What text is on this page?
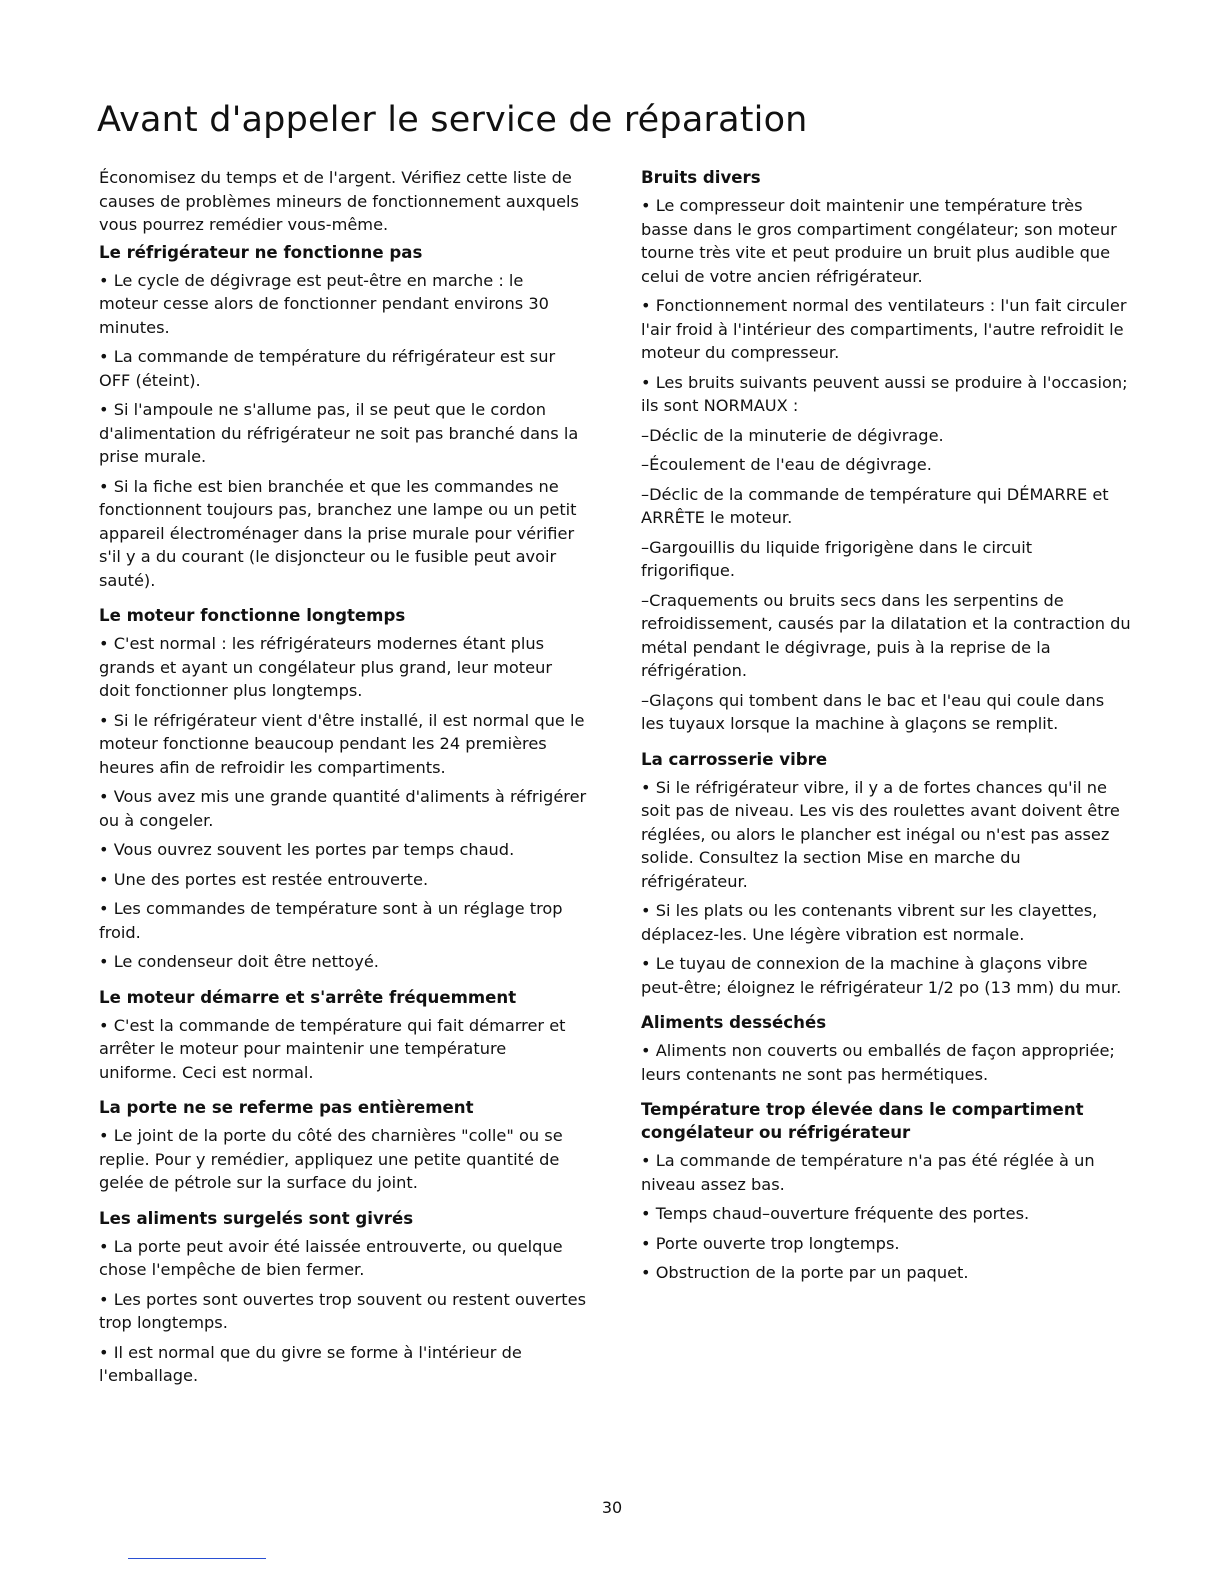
Avant d'appeler le service de réparation

Économisez du temps et de l'argent. Vérifiez cette liste de causes de problèmes mineurs de fonctionnement auxquels vous pourrez remédier vous-même.

Le réfrigérateur ne fonctionne pas

• Le cycle de dégivrage est peut-être en marche : le moteur cesse alors de fonctionner pendant environs 30 minutes.

• La commande de température du réfrigérateur est sur OFF (éteint).

• Si l'ampoule ne s'allume pas, il se peut que le cordon d'alimentation du réfrigérateur ne soit pas branché dans la prise murale.

• Si la fiche est bien branchée et que les commandes ne fonctionnent toujours pas, branchez une lampe ou un petit appareil électroménager dans la prise murale pour vérifier s'il y a du courant (le disjoncteur ou le fusible peut avoir sauté).

Le moteur fonctionne longtemps

• C'est normal : les réfrigérateurs modernes étant plus grands et ayant un congélateur plus grand, leur moteur doit fonctionner plus longtemps.

• Si le réfrigérateur vient d'être installé, il est normal que le moteur fonctionne beaucoup pendant les 24 premières heures afin de refroidir les compartiments.

• Vous avez mis une grande quantité d'aliments à réfrigérer ou à congeler.

• Vous ouvrez souvent les portes par temps chaud.

• Une des portes est restée entrouverte.

• Les commandes de température sont à un réglage trop froid.

• Le condenseur doit être nettoyé.

Le moteur démarre et s'arrête fréquemment

• C'est la commande de température qui fait démarrer et arrêter le moteur pour maintenir une température uniforme. Ceci est normal.

La porte ne se referme pas entièrement

• Le joint de la porte du côté des charnières "colle" ou se replie. Pour y remédier, appliquez une petite quantité de gelée de pétrole sur la surface du joint.

Les aliments surgelés sont givrés

• La porte peut avoir été laissée entrouverte, ou quelque chose l'empêche de bien fermer.

• Les portes sont ouvertes trop souvent ou restent ouvertes trop longtemps.

• Il est normal que du givre se forme à l'intérieur de l'emballage.

Bruits divers

• Le compresseur doit maintenir une température très basse dans le gros compartiment congélateur; son moteur tourne très vite et peut produire un bruit plus audible que celui de votre ancien réfrigérateur.

• Fonctionnement normal des ventilateurs : l'un fait circuler l'air froid à l'intérieur des compartiments, l'autre refroidit le moteur du compresseur.

• Les bruits suivants peuvent aussi se produire à l'occasion; ils sont NORMAUX :

–Déclic de la minuterie de dégivrage.

–Écoulement de l'eau de dégivrage.

–Déclic de la commande de température qui DÉMARRE et ARRÊTE le moteur.

–Gargouillis du liquide frigorigène dans le circuit frigorifique.

–Craquements ou bruits secs dans les serpentins de refroidissement, causés par la dilatation et la contraction du métal pendant le dégivrage, puis à la reprise de la réfrigération.

–Glaçons qui tombent dans le bac et l'eau qui coule dans les tuyaux lorsque la machine à glaçons se remplit.

La carrosserie vibre

• Si le réfrigérateur vibre, il y a de fortes chances qu'il ne soit pas de niveau. Les vis des roulettes avant doivent être réglées, ou alors le plancher est inégal ou n'est pas assez solide. Consultez la section Mise en marche du réfrigérateur.

• Si les plats ou les contenants vibrent sur les clayettes, déplacez-les. Une légère vibration est normale.

• Le tuyau de connexion de la machine à glaçons vibre peut-être; éloignez le réfrigérateur 1/2 po (13 mm) du mur.

Aliments desséchés

• Aliments non couverts ou emballés de façon appropriée; leurs contenants ne sont pas hermétiques.

Température trop élevée dans le compartiment congélateur ou réfrigérateur

• La commande de température n'a pas été réglée à un niveau assez bas.

• Temps chaud–ouverture fréquente des portes.

• Porte ouverte trop longtemps.

• Obstruction de la porte par un paquet.

30
